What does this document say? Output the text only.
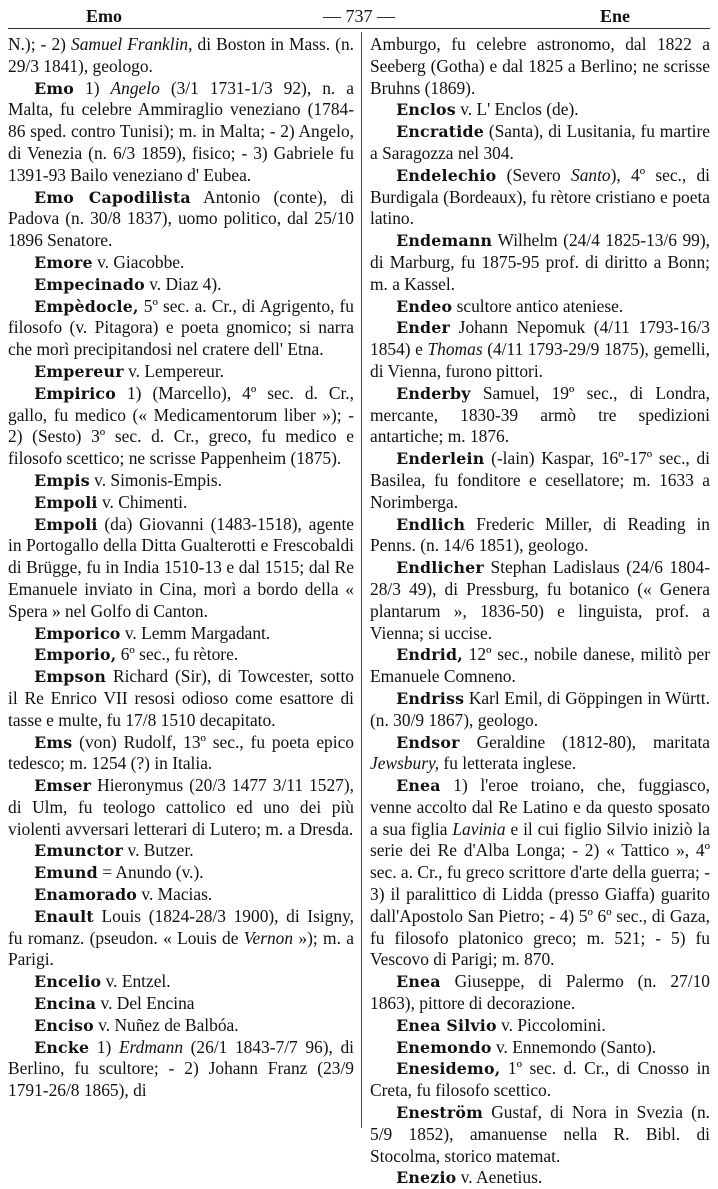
Emo	— 737 —	Ene

N.); - 2) Samuel Franklin, di Boston in Mass. (n. 29/3 1841), geologo.

Emo 1) Angelo (3/1 1731-1/3 92), n. a Malta, fu celebre Ammiraglio veneziano (1784-86 sped. contro Tunisi); m. in Malta; - 2) Angelo, di Venezia (n. 6/3 1859), fisico; - 3) Gabriele fu 1391-93 Bailo veneziano d' Eubea.

Emo Capodilista Antonio (conte), di Padova (n. 30/8 1837), uomo politico, dal 25/10 1896 Senatore.

Emore v. Giacobbe.

Empecinado v. Diaz 4).

Empèdocle, 5º sec. a. Cr., di Agrigento, fu filosofo (v. Pitagora) e poeta gnomico; si narra che morì precipitandosi nel cratere dell' Etna.

Empereur v. Lempereur.

Empirico 1) (Marcello), 4º sec. d. Cr., gallo, fu medico (« Medicamentorum liber »); - 2) (Sesto) 3º sec. d. Cr., greco, fu medico e filosofo scettico; ne scrisse Pappenheim (1875).

Empis v. Simonis-Empis.

Empoli v. Chimenti.

Empoli (da) Giovanni (1483-1518), agente in Portogallo della Ditta Gualterotti e Frescobaldi di Brügge, fu in India 1510-13 e dal 1515; dal Re Emanuele inviato in Cina, morì a bordo della « Spera » nel Golfo di Canton.

Emporico v. Lemm Margadant.

Emporio, 6º sec., fu rètore.

Empson Richard (Sir), di Towcester, sotto il Re Enrico VII resosi odioso come esattore di tasse e multe, fu 17/8 1510 decapitato.

Ems (von) Rudolf, 13º sec., fu poeta epico tedesco; m. 1254 (?) in Italia.

Emser Hieronymus (20/3 1477 3/11 1527), di Ulm, fu teologo cattolico ed uno dei più violenti avversari letterari di Lutero; m. a Dresda.

Emunctor v. Butzer.

Emund = Anundo (v.).

Enamorado v. Macias.

Enault Louis (1824-28/3 1900), di Isigny, fu romanz. (pseudon. « Louis de Vernon »); m. a Parigi.

Encelio v. Entzel.

Encina v. Del Encina

Enciso v. Nuñez de Balbóa.

Encke 1) Erdmann (26/1 1843-7/7 96), di Berlino, fu scultore; - 2) Johann Franz (23/9 1791-26/8 1865), di

Amburgo, fu celebre astronomo, dal 1822 a Seeberg (Gotha) e dal 1825 a Berlino; ne scrisse Bruhns (1869).

Enclos v. L' Enclos (de).

Encratide (Santa), di Lusitania, fu martire a Saragozza nel 304.

Endelechio (Severo Santo), 4º sec., di Burdigala (Bordeaux), fu rètore cristiano e poeta latino.

Endemann Wilhelm (24/4 1825-13/6 99), di Marburg, fu 1875-95 prof. di diritto a Bonn; m. a Kassel.

Endeo scultore antico ateniese.

Ender Johann Nepomuk (4/11 1793-16/3 1854) e Thomas (4/11 1793-29/9 1875), gemelli, di Vienna, furono pittori.

Enderby Samuel, 19º sec., di Londra, mercante, 1830-39 armò tre spedizioni antartiche; m. 1876.

Enderlein (-lain) Kaspar, 16º-17º sec., di Basilea, fu fonditore e cesellatore; m. 1633 a Norimberga.

Endlich Frederic Miller, di Reading in Penns. (n. 14/6 1851), geologo.

Endlicher Stephan Ladislaus (24/6 1804-28/3 49), di Pressburg, fu botanico (« Genera plantarum », 1836-50) e linguista, prof. a Vienna; si uccise.

Endrid, 12º sec., nobile danese, militò per Emanuele Comneno.

Endriss Karl Emil, di Göppingen in Württ. (n. 30/9 1867), geologo.

Endsor Geraldine (1812-80), maritata Jewsbury, fu letterata inglese.

Enea 1) l'eroe troiano, che, fuggiasco, venne accolto dal Re Latino e da questo sposato a sua figlia Lavinia e il cui figlio Silvio iniziò la serie dei Re d'Alba Longa; - 2) « Tattico », 4º sec. a. Cr., fu greco scrittore d'arte della guerra; - 3) il paralittico di Lidda (presso Giaffa) guarito dall'Apostolo San Pietro; - 4) 5º 6º sec., di Gaza, fu filosofo platonico greco; m. 521; - 5) fu Vescovo di Parigi; m. 870.

Enea Giuseppe, di Palermo (n. 27/10 1863), pittore di decorazione.

Enea Silvio v. Piccolomini.

Enemondo v. Ennemondo (Santo).

Enesidemo, 1º sec. d. Cr., di Cnosso in Creta, fu filosofo scettico.

Eneström Gustaf, di Nora in Svezia (n. 5/9 1852), amanuense nella R. Bibl. di Stocolma, storico matemat.

Enezio v. Aenetius.
